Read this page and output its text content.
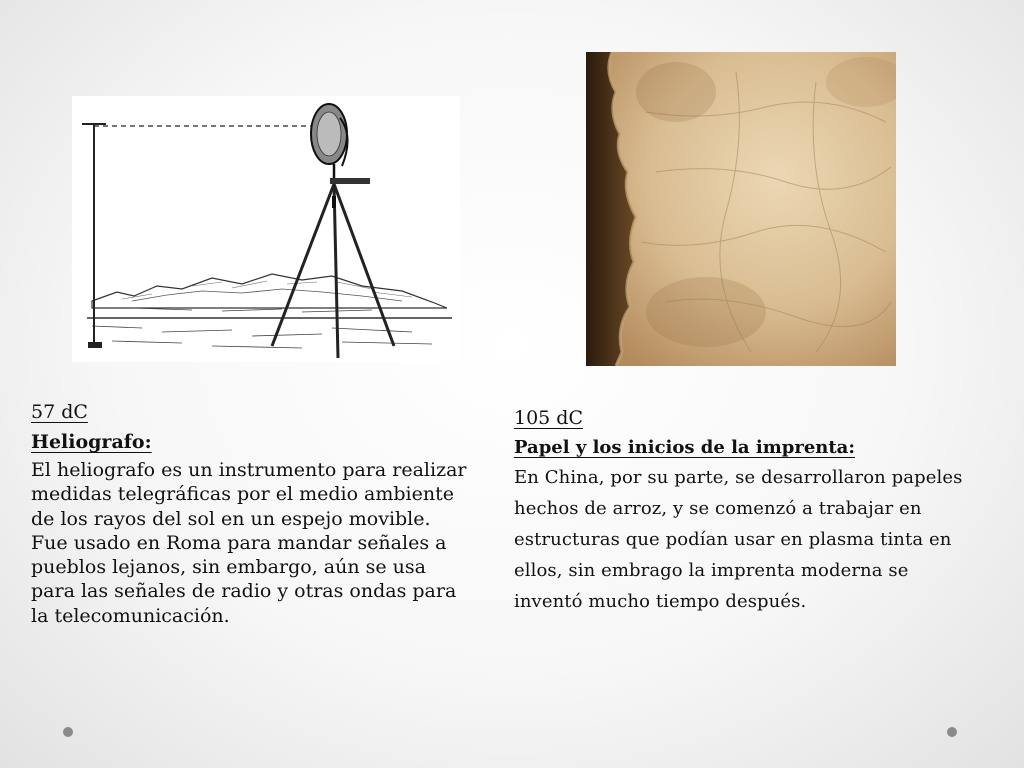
57 dC
Heliografo:
El heliografo es un instrumento para realizar medidas telegráficas por el medio ambiente de los rayos del sol en un espejo movible. Fue usado en Roma para mandar señales a pueblos lejanos, sin embargo, aún se usa para las señales de radio y otras ondas para la telecomunicación.
105 dC
Papel y los inicios de la imprenta:
En China, por su parte, se desarrollaron papeles hechos de arroz, y se comenzó a trabajar en estructuras que podían usar en plasma tinta en ellos, sin embrago la imprenta moderna se inventó mucho tiempo después.
